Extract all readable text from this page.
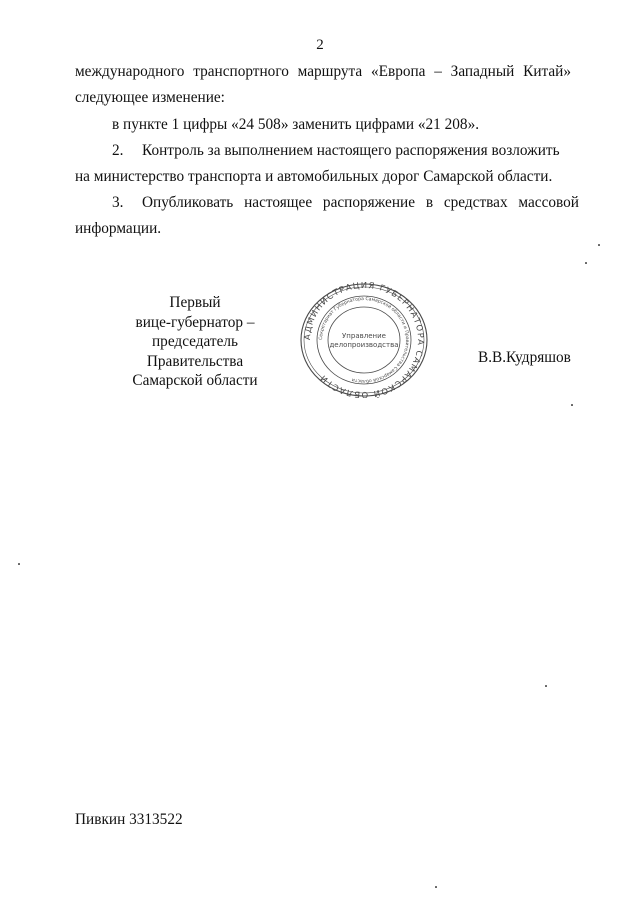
2
международного транспортного маршрута «Европа – Западный Китай»
следующее изменение:
в пункте 1 цифры «24 508» заменить цифрами «21 208».
2. Контроль за выполнением настоящего распоряжения возложить
на министерство транспорта и автомобильных дорог Самарской области.
3. Опубликовать настоящее распоряжение в средствах массовой
информации.
Первый
вице-губернатор –
председатель Правительства
Самарской области
АДМИНИСТРАЦИЯ ГУБЕРНАТОРА САМАРСКОЙ ОБЛАСТИ
Секретариат Губернатора Самарской области и Правительства Самарской области
Управление
делопроизводства
В.В.Кудряшов
Пивкин 3313522
